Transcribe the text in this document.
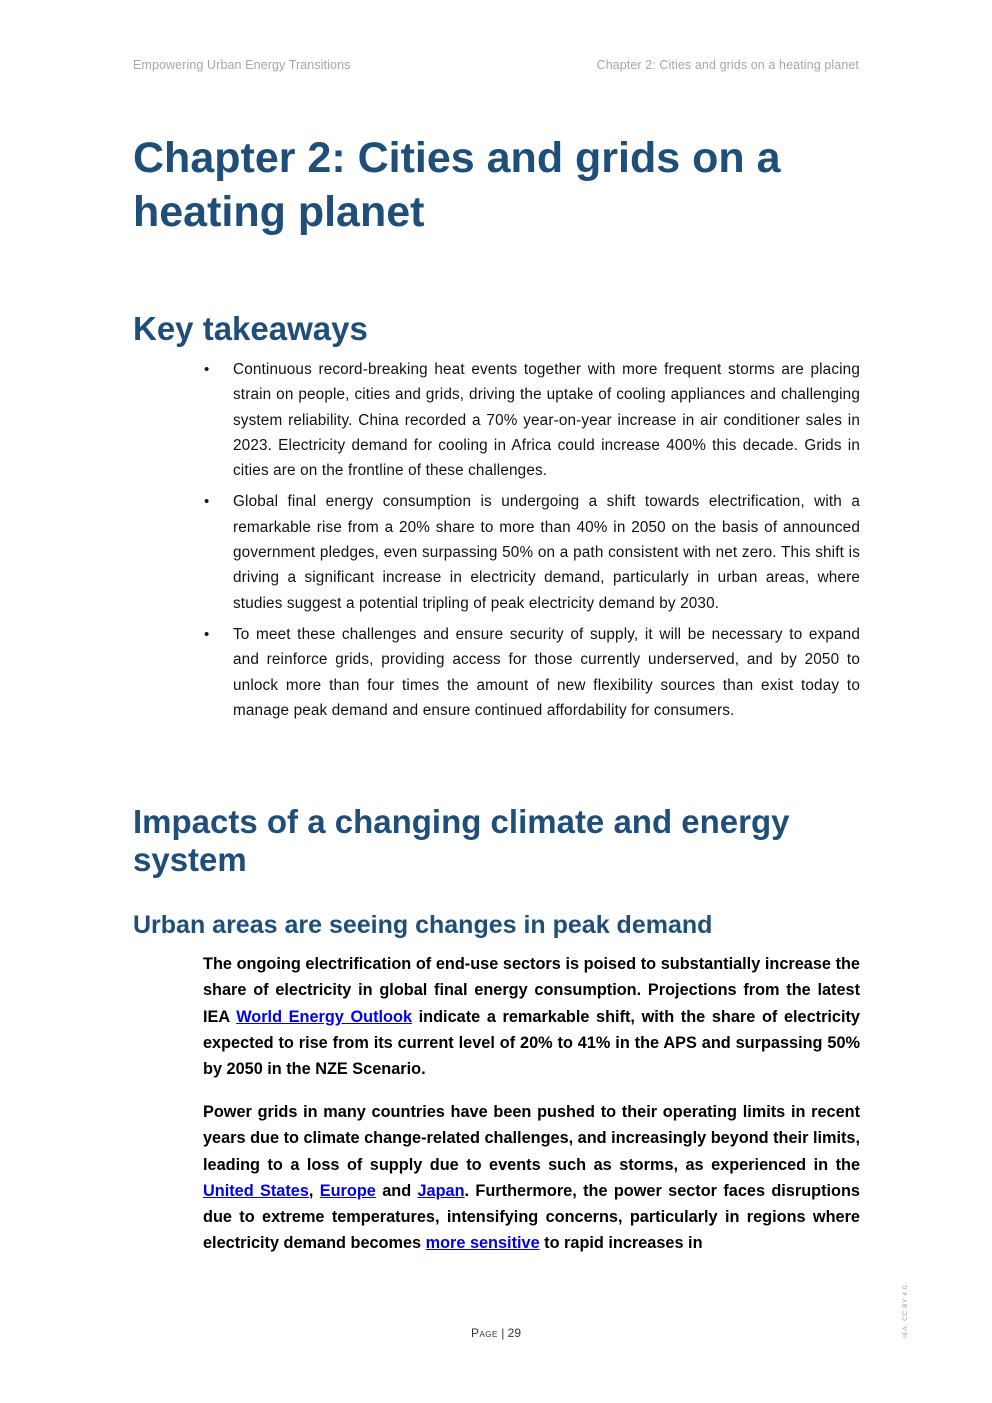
Empowering Urban Energy Transitions	Chapter 2: Cities and grids on a heating planet
Chapter 2: Cities and grids on a heating planet
Key takeaways
• Continuous record-breaking heat events together with more frequent storms are placing strain on people, cities and grids, driving the uptake of cooling appliances and challenging system reliability. China recorded a 70% year-on-year increase in air conditioner sales in 2023. Electricity demand for cooling in Africa could increase 400% this decade. Grids in cities are on the frontline of these challenges.
• Global final energy consumption is undergoing a shift towards electrification, with a remarkable rise from a 20% share to more than 40% in 2050 on the basis of announced government pledges, even surpassing 50% on a path consistent with net zero. This shift is driving a significant increase in electricity demand, particularly in urban areas, where studies suggest a potential tripling of peak electricity demand by 2030.
• To meet these challenges and ensure security of supply, it will be necessary to expand and reinforce grids, providing access for those currently underserved, and by 2050 to unlock more than four times the amount of new flexibility sources than exist today to manage peak demand and ensure continued affordability for consumers.
Impacts of a changing climate and energy system
Urban areas are seeing changes in peak demand

The ongoing electrification of end-use sectors is poised to substantially increase the share of electricity in global final energy consumption. Projections from the latest IEA World Energy Outlook indicate a remarkable shift, with the share of electricity expected to rise from its current level of 20% to 41% in the APS and surpassing 50% by 2050 in the NZE Scenario.

Power grids in many countries have been pushed to their operating limits in recent years due to climate change-related challenges, and increasingly beyond their limits, leading to a loss of supply due to events such as storms, as experienced in the United States, Europe and Japan. Furthermore, the power sector faces disruptions due to extreme temperatures, intensifying concerns, particularly in regions where electricity demand becomes more sensitive to rapid increases in

Page | 29	IEA. CC BY 4.0.
